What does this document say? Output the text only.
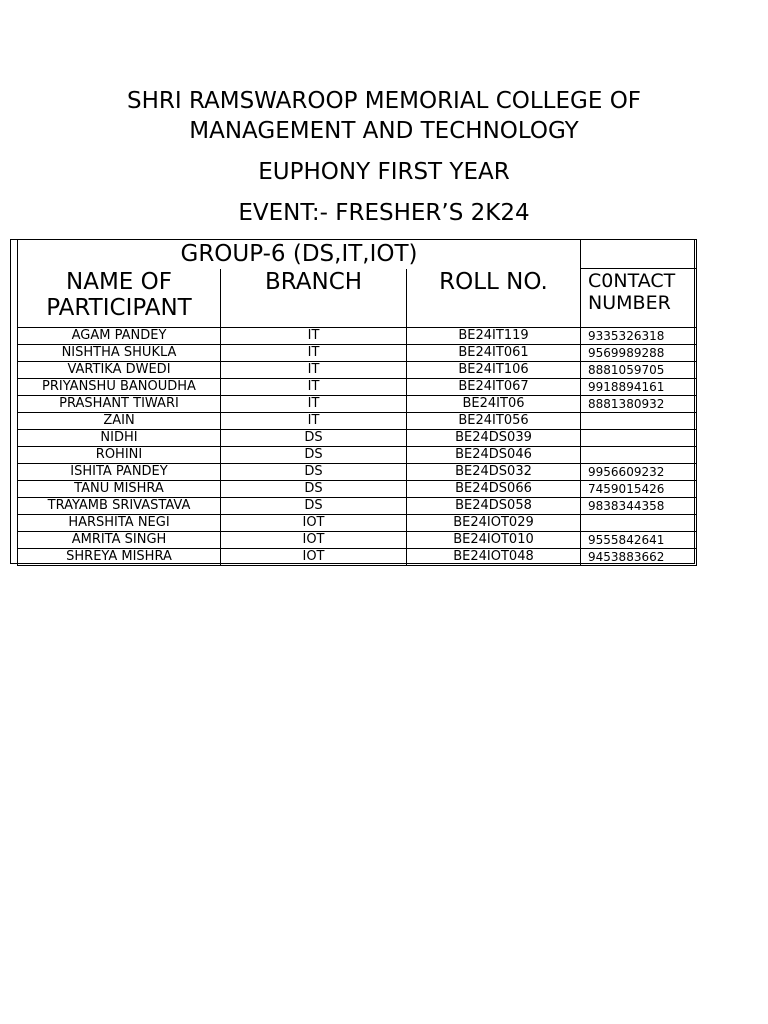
SHRI RAMSWAROOP MEMORIAL COLLEGE OF
MANAGEMENT AND TECHNOLOGY
EUPHONY FIRST YEAR
EVENT:- FRESHER’S 2K24
GROUP-6 (DS,IT,IOT)			

NAME OF
PARTICIPANT	BRANCH	ROLL NO.	C0NTACT
NUMBER

AGAM PANDEY	IT	BE24IT119	9335326318
NISHTHA SHUKLA	IT	BE24IT061	9569989288
VARTIKA DWEDI	IT	BE24IT106	8881059705
PRIYANSHU BANOUDHA	IT	BE24IT067	9918894161
PRASHANT TIWARI	IT	BE24IT06	8881380932
ZAIN	IT	BE24IT056	
NIDHI	DS	BE24DS039	
ROHINI	DS	BE24DS046	
ISHITA PANDEY	DS	BE24DS032	9956609232
TANU MISHRA	DS	BE24DS066	7459015426
TRAYAMB SRIVASTAVA	DS	BE24DS058	9838344358
HARSHITA NEGI	IOT	BE24IOT029	
AMRITA SINGH	IOT	BE24IOT010	9555842641
SHREYA MISHRA	IOT	BE24IOT048	9453883662
